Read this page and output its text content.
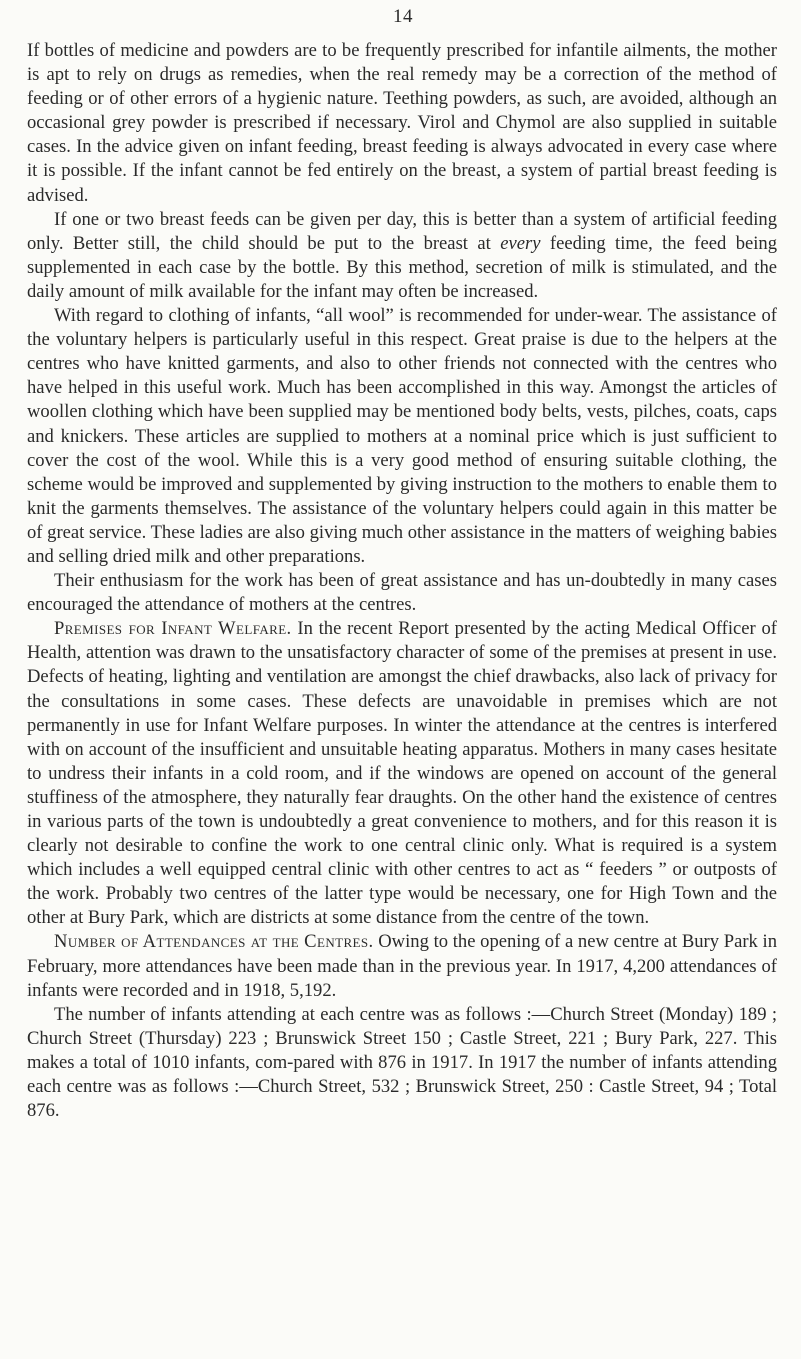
14

If bottles of medicine and powders are to be frequently prescribed for infantile ailments, the mother is apt to rely on drugs as remedies, when the real remedy may be a correction of the method of feeding or of other errors of a hygienic nature. Teething powders, as such, are avoided, although an occasional grey powder is prescribed if necessary. Virol and Chymol are also supplied in suitable cases. In the advice given on infant feeding, breast feeding is always advocated in every case where it is possible. If the infant cannot be fed entirely on the breast, a system of partial breast feeding is advised.

If one or two breast feeds can be given per day, this is better than a system of artificial feeding only. Better still, the child should be put to the breast at every feeding time, the feed being supplemented in each case by the bottle. By this method, secretion of milk is stimulated, and the daily amount of milk available for the infant may often be increased.

With regard to clothing of infants, “all wool” is recommended for under-wear. The assistance of the voluntary helpers is particularly useful in this respect. Great praise is due to the helpers at the centres who have knitted garments, and also to other friends not connected with the centres who have helped in this useful work. Much has been accomplished in this way. Amongst the articles of woollen clothing which have been supplied may be mentioned body belts, vests, pilches, coats, caps and knickers. These articles are supplied to mothers at a nominal price which is just sufficient to cover the cost of the wool. While this is a very good method of ensuring suitable clothing, the scheme would be improved and supplemented by giving instruction to the mothers to enable them to knit the garments themselves. The assistance of the voluntary helpers could again in this matter be of great service. These ladies are also giving much other assistance in the matters of weighing babies and selling dried milk and other preparations.

Their enthusiasm for the work has been of great assistance and has un-doubtedly in many cases encouraged the attendance of mothers at the centres.

Premises for Infant Welfare. In the recent Report presented by the acting Medical Officer of Health, attention was drawn to the unsatisfactory character of some of the premises at present in use. Defects of heating, lighting and ventilation are amongst the chief drawbacks, also lack of privacy for the consultations in some cases. These defects are unavoidable in premises which are not permanently in use for Infant Welfare purposes. In winter the attendance at the centres is interfered with on account of the insufficient and unsuitable heating apparatus. Mothers in many cases hesitate to undress their infants in a cold room, and if the windows are opened on account of the general stuffiness of the atmosphere, they naturally fear draughts. On the other hand the existence of centres in various parts of the town is undoubtedly a great convenience to mothers, and for this reason it is clearly not desirable to confine the work to one central clinic only. What is required is a system which includes a well equipped central clinic with other centres to act as “ feeders ” or outposts of the work. Probably two centres of the latter type would be necessary, one for High Town and the other at Bury Park, which are districts at some distance from the centre of the town.

Number of Attendances at the Centres. Owing to the opening of a new centre at Bury Park in February, more attendances have been made than in the previous year. In 1917, 4,200 attendances of infants were recorded and in 1918, 5,192.

The number of infants attending at each centre was as follows :—Church Street (Monday) 189 ; Church Street (Thursday) 223 ; Brunswick Street 150 ; Castle Street, 221 ; Bury Park, 227. This makes a total of 1010 infants, com-pared with 876 in 1917. In 1917 the number of infants attending each centre was as follows :—Church Street, 532 ; Brunswick Street, 250 : Castle Street, 94 ; Total 876.
